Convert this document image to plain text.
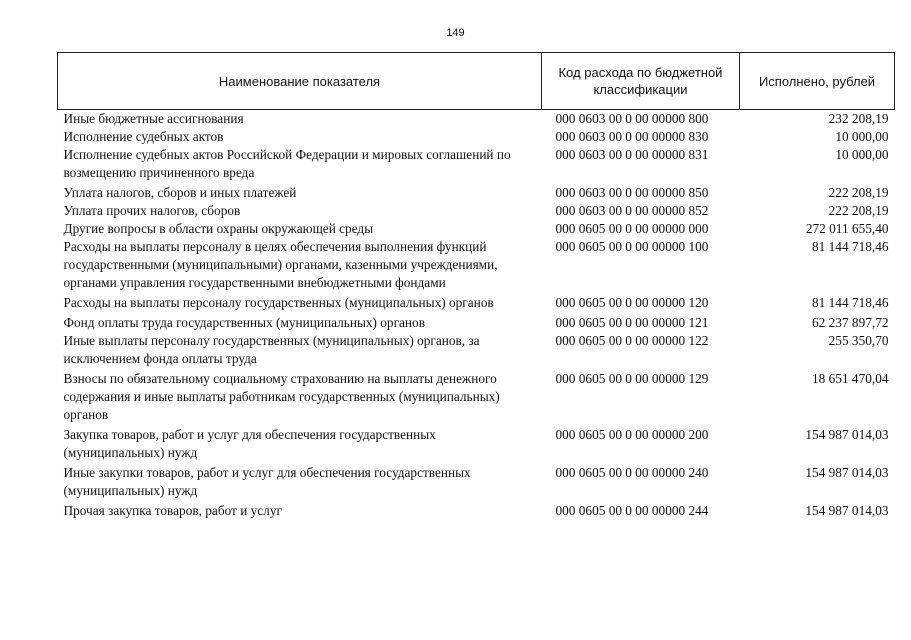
149
Наименование показателя	Код расхода по бюджетной классификации	Исполнено, рублей
Иные бюджетные ассигнования	000 0603 00 0 00 00000 800	232 208,19
Исполнение судебных актов	000 0603 00 0 00 00000 830	10 000,00
Исполнение судебных актов Российской Федерации и мировых соглашений по возмещению причиненного вреда	000 0603 00 0 00 00000 831	10 000,00
Уплата налогов, сборов и иных платежей	000 0603 00 0 00 00000 850	222 208,19
Уплата прочих налогов, сборов	000 0603 00 0 00 00000 852	222 208,19
Другие вопросы в области охраны окружающей среды	000 0605 00 0 00 00000 000	272 011 655,40
Расходы на выплаты персоналу в целях обеспечения выполнения функций государственными (муниципальными) органами, казенными учреждениями, органами управления государственными внебюджетными фондами	000 0605 00 0 00 00000 100	81 144 718,46
Расходы на выплаты персоналу государственных (муниципальных) органов	000 0605 00 0 00 00000 120	81 144 718,46
Фонд оплаты труда государственных (муниципальных) органов	000 0605 00 0 00 00000 121	62 237 897,72
Иные выплаты персоналу государственных (муниципальных) органов, за исключением фонда оплаты труда	000 0605 00 0 00 00000 122	255 350,70
Взносы по обязательному социальному страхованию на выплаты денежного содержания и иные выплаты работникам государственных (муниципальных) органов	000 0605 00 0 00 00000 129	18 651 470,04
Закупка товаров, работ и услуг для обеспечения государственных (муниципальных) нужд	000 0605 00 0 00 00000 200	154 987 014,03
Иные закупки товаров, работ и услуг для обеспечения государственных (муниципальных) нужд	000 0605 00 0 00 00000 240	154 987 014,03
Прочая закупка товаров, работ и услуг	000 0605 00 0 00 00000 244	154 987 014,03
